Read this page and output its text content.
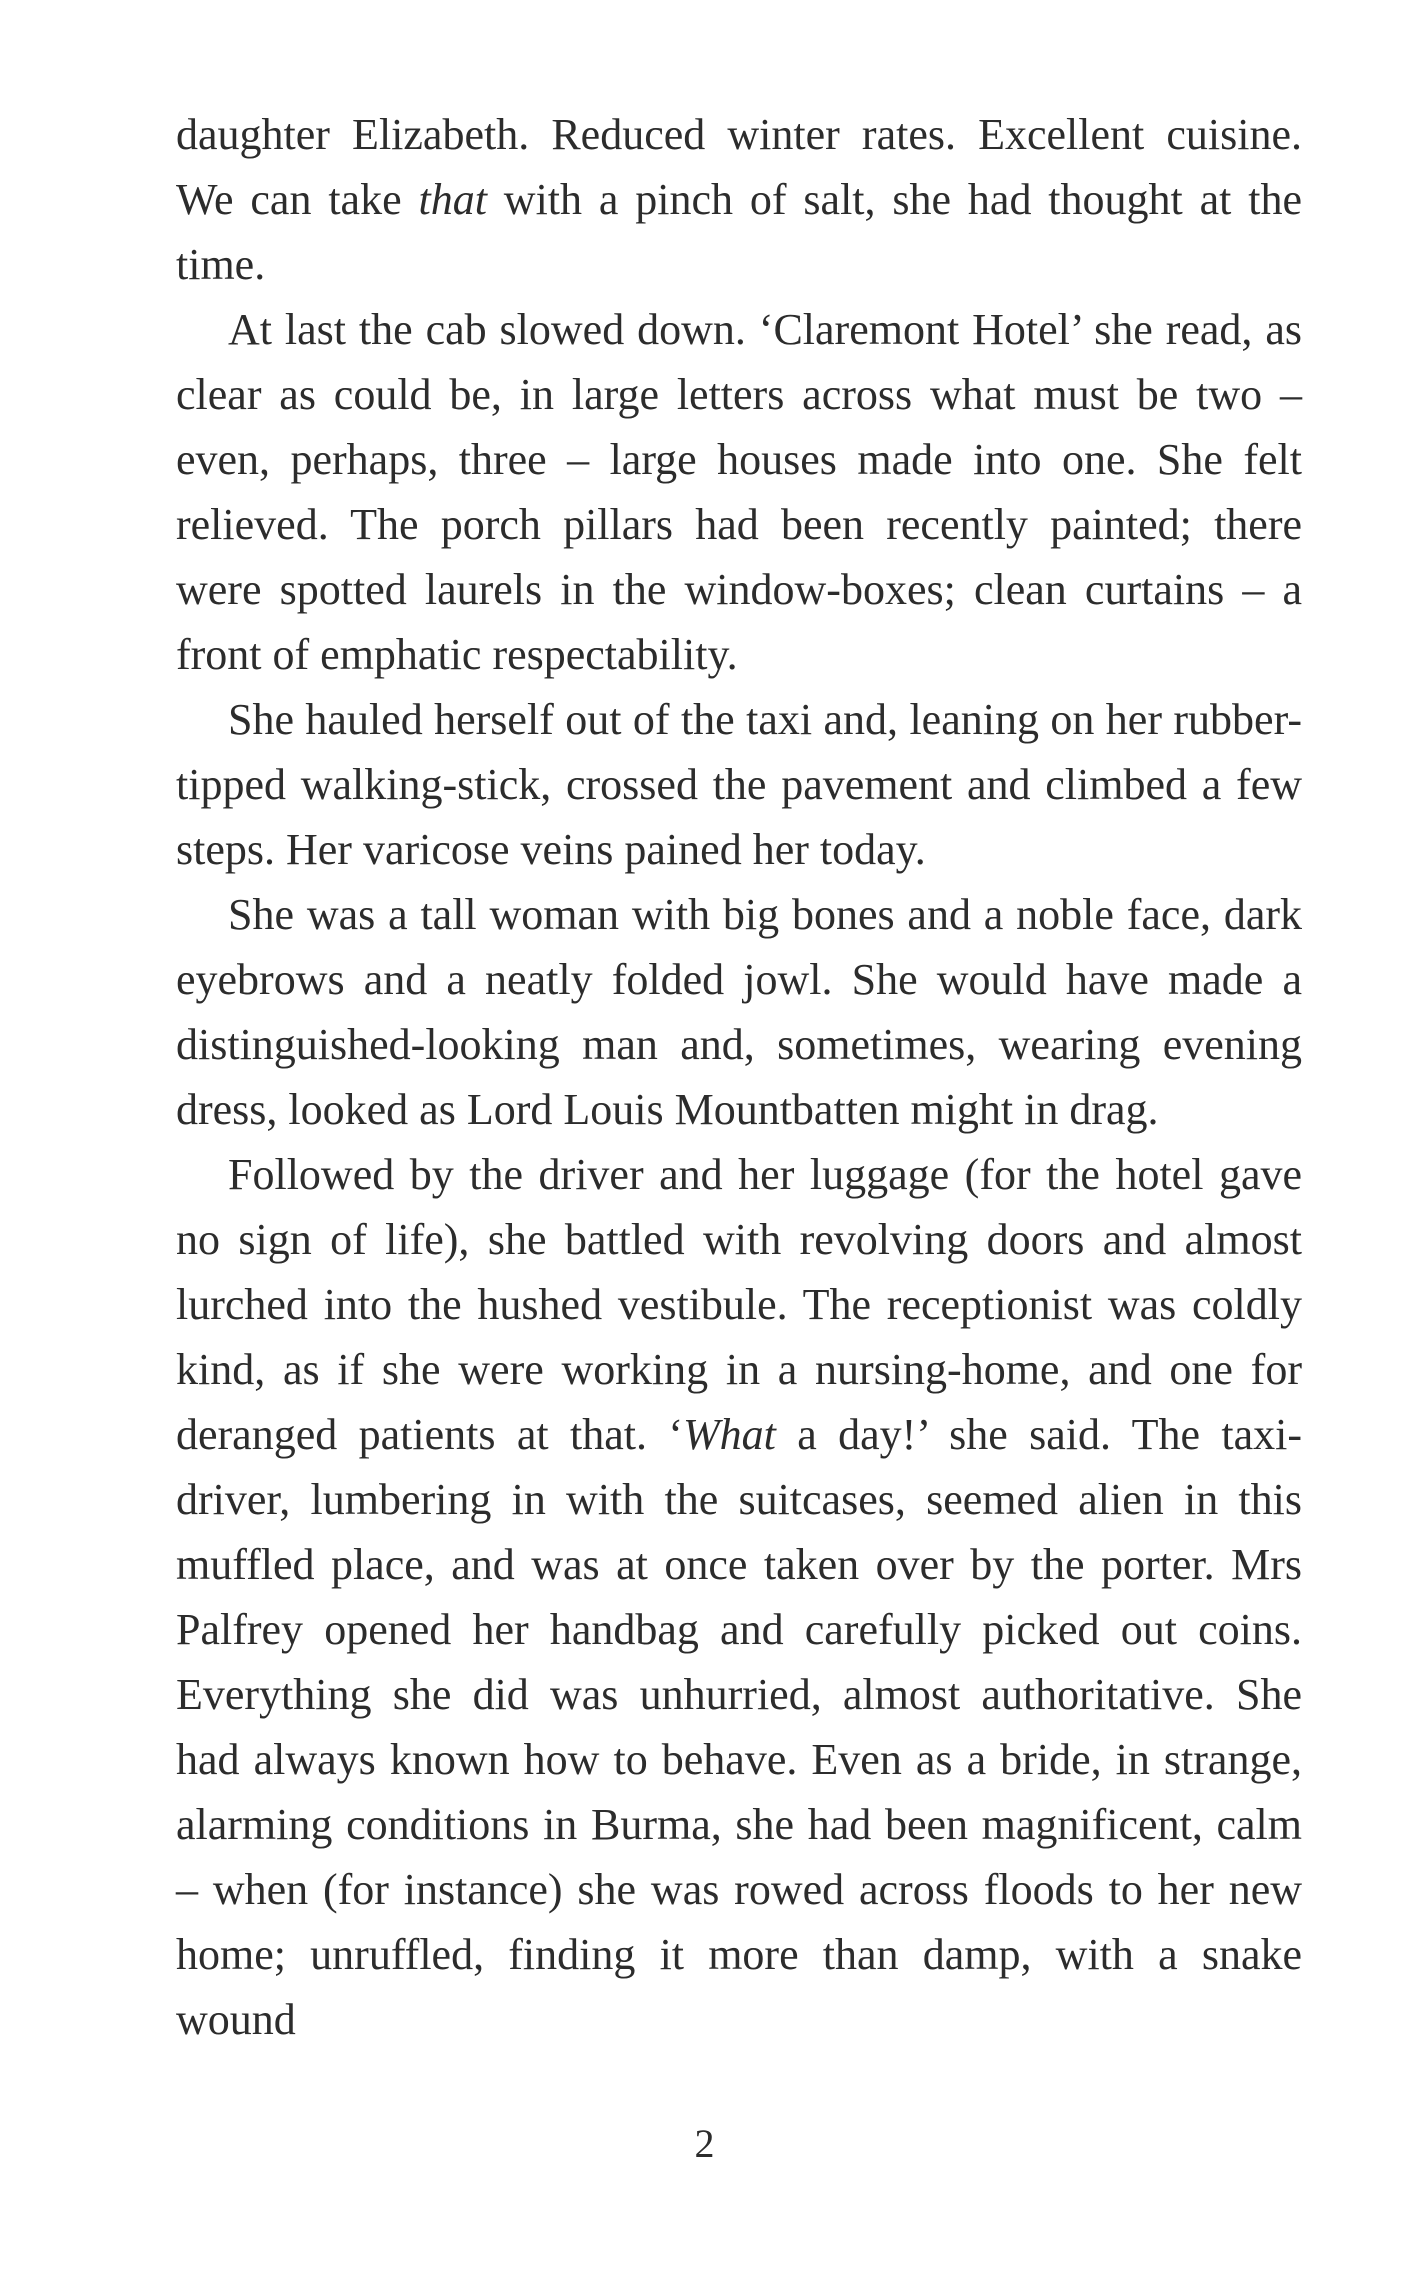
daughter Elizabeth. Reduced winter rates. Excellent cuisine. We can take that with a pinch of salt, she had thought at the time.

At last the cab slowed down. ‘Claremont Hotel’ she read, as clear as could be, in large letters across what must be two – even, perhaps, three – large houses made into one. She felt relieved. The porch pillars had been recently painted; there were spotted laurels in the window-boxes; clean curtains – a front of emphatic respectability.

She hauled herself out of the taxi and, leaning on her rubber-tipped walking-stick, crossed the pavement and climbed a few steps. Her varicose veins pained her today.

She was a tall woman with big bones and a noble face, dark eyebrows and a neatly folded jowl. She would have made a distinguished-looking man and, sometimes, wearing evening dress, looked as Lord Louis Mountbatten might in drag.

Followed by the driver and her luggage (for the hotel gave no sign of life), she battled with revolving doors and almost lurched into the hushed vestibule. The receptionist was coldly kind, as if she were working in a nursing-home, and one for deranged patients at that. ‘What a day!’ she said. The taxi-driver, lumbering in with the suitcases, seemed alien in this muffled place, and was at once taken over by the porter. Mrs Palfrey opened her handbag and carefully picked out coins. Everything she did was unhurried, almost authoritative. She had always known how to behave. Even as a bride, in strange, alarming conditions in Burma, she had been magnificent, calm – when (for instance) she was rowed across floods to her new home; unruffled, finding it more than damp, with a snake wound

2
